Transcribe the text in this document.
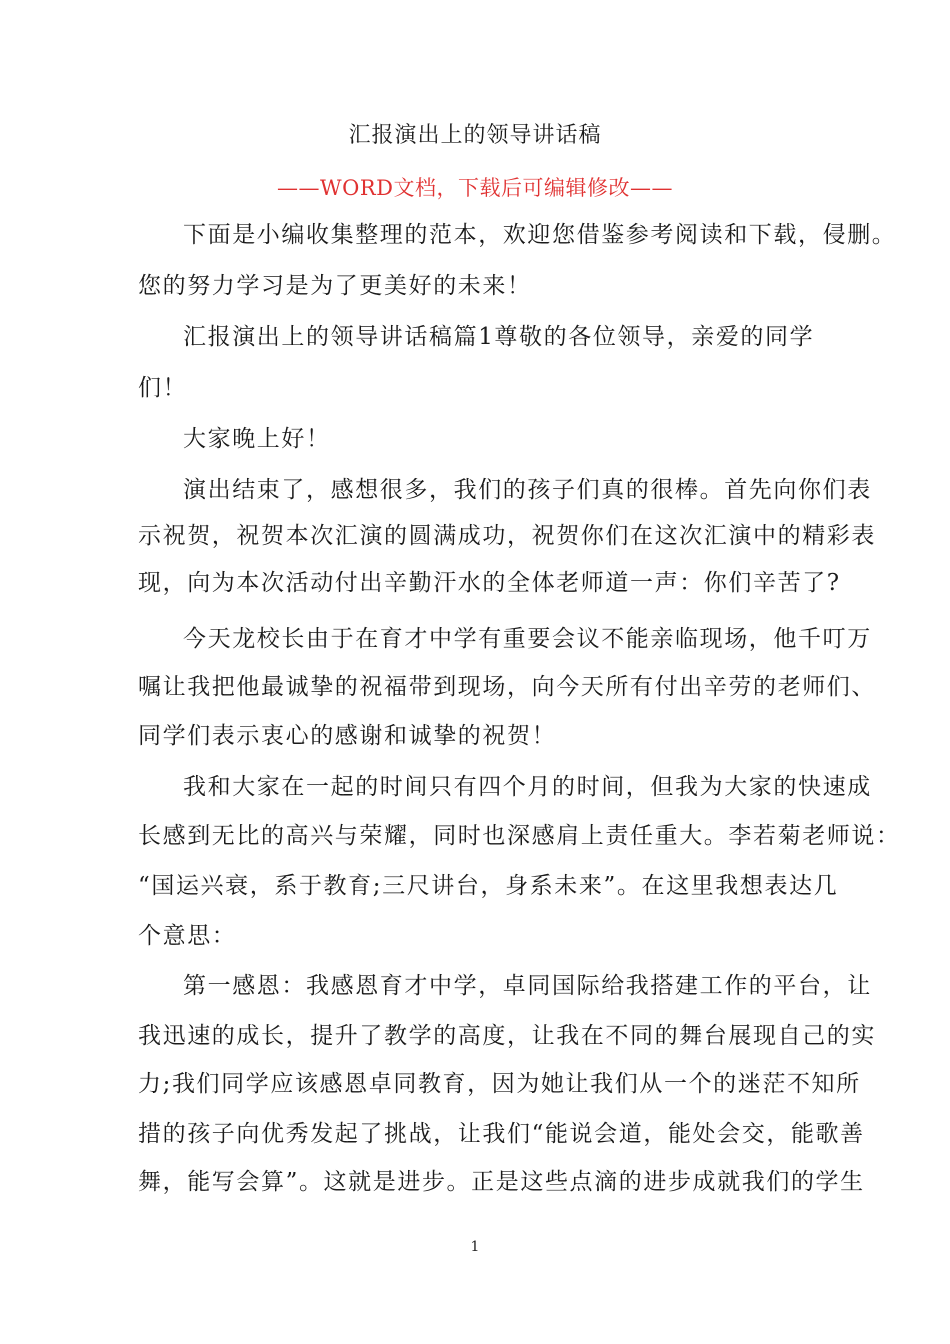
汇报演出上的领导讲话稿
——WORD文档，下载后可编辑修改——
下面是小编收集整理的范本，欢迎您借鉴参考阅读和下载，侵删。
您的努力学习是为了更美好的未来！
汇报演出上的领导讲话稿篇1尊敬的各位领导，亲爱的同学
们！
大家晚上好！
演出结束了，感想很多，我们的孩子们真的很棒。首先向你们表
示祝贺，祝贺本次汇演的圆满成功，祝贺你们在这次汇演中的精彩表
现，向为本次活动付出辛勤汗水的全体老师道一声：你们辛苦了?
今天龙校长由于在育才中学有重要会议不能亲临现场，他千叮万
嘱让我把他最诚挚的祝福带到现场，向今天所有付出辛劳的老师们、
同学们表示衷心的感谢和诚挚的祝贺！
我和大家在一起的时间只有四个月的时间，但我为大家的快速成
长感到无比的高兴与荣耀，同时也深感肩上责任重大。李若菊老师说：
“国运兴衰，系于教育;三尺讲台，身系未来”。在这里我想表达几
个意思：
第一感恩：我感恩育才中学，卓同国际给我搭建工作的平台，让
我迅速的成长，提升了教学的高度，让我在不同的舞台展现自己的实
力;我们同学应该感恩卓同教育，因为她让我们从一个的迷茫不知所
措的孩子向优秀发起了挑战，让我们“能说会道，能处会交，能歌善
舞，能写会算”。这就是进步。正是这些点滴的进步成就我们的学生
1
